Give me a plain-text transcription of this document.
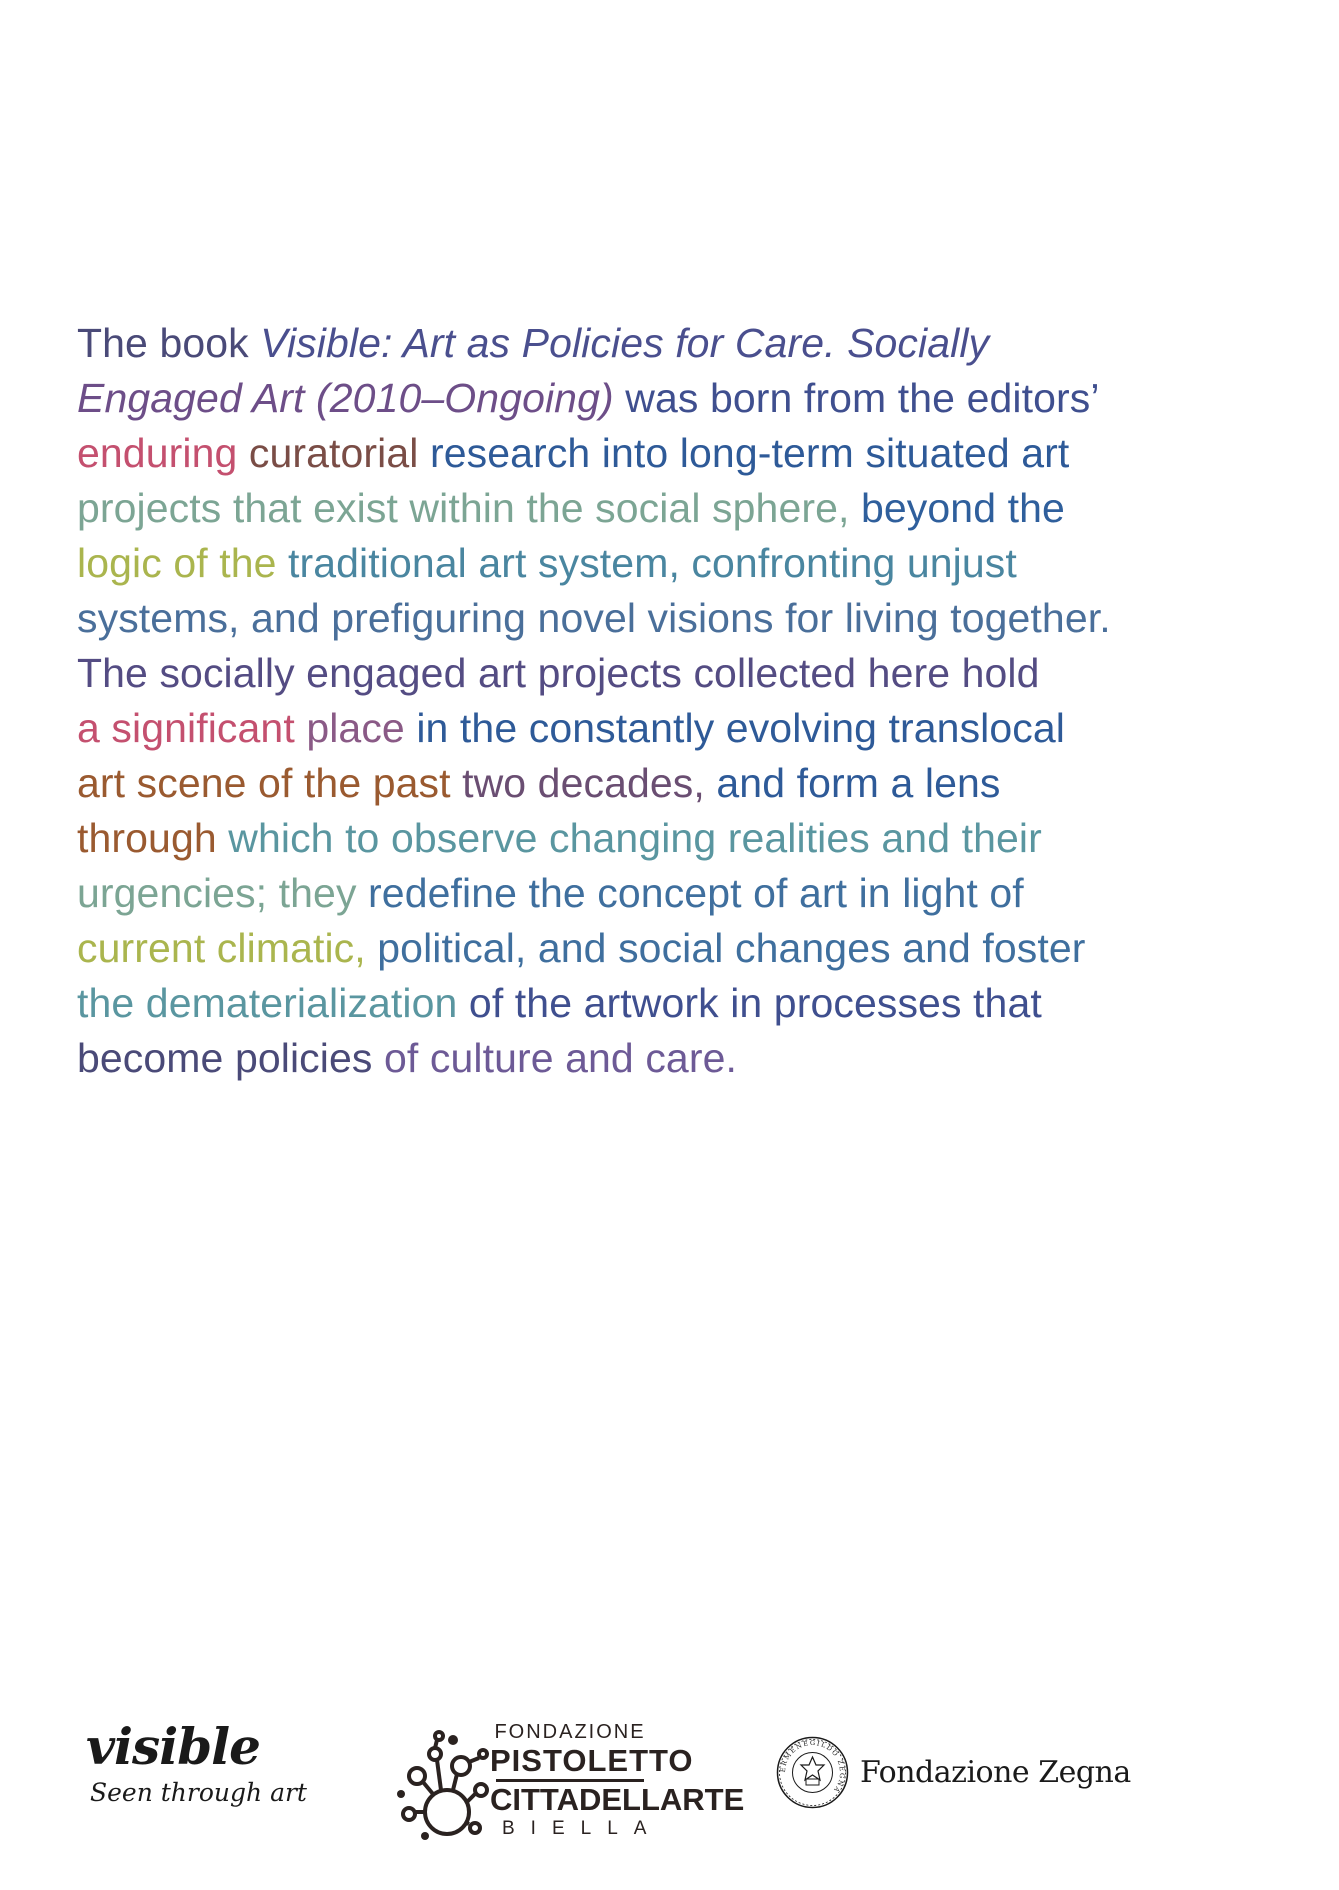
The book Visible: Art as Policies for Care. Socially
Engaged Art (2010–Ongoing) was born from the editors’
enduring curatorial research into long-term situated art
projects that exist within the social sphere, beyond the
logic of the traditional art system, confronting unjust
systems, and prefiguring novel visions for living together.
The socially engaged art projects collected here hold
a significant place in the constantly evolving translocal
art scene of the past two decades, and form a lens
through which to observe changing realities and their
urgencies; they redefine the concept of art in light of
current climatic, political, and social changes and foster
the dematerialization of the artwork in processes that
become policies of culture and care.
visible
Seen through art
FONDAZIONE
PISTOLETTO
CITTADELLARTE
BIELLA
ERMENEGILDO ZEGNA Fondazione Zegna
